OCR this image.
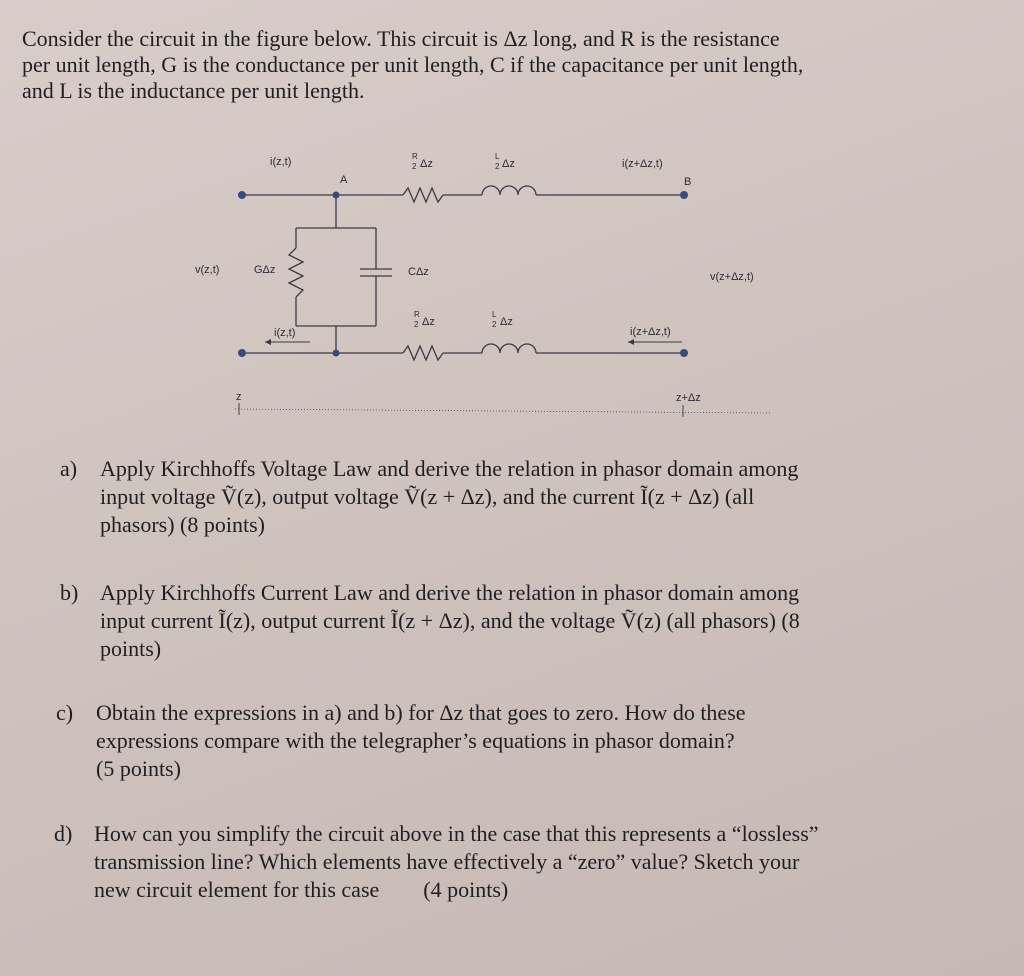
Consider the circuit in the figure below. This circuit is Δz long, and R is the resistance

per unit length, G is the conductance per unit length, C if the capacitance per unit length,

and L is the inductance per unit length.

i(z,t)
A
R
2 Δz
L
2 Δz	i(z+Δz,t)
B
v(z,t)	GΔz	CΔz	v(z+Δz,t)
i(z,t)
R
2 Δz
L
2 Δz
i(z+Δz,t)
z	z+Δz
a) Apply Kirchhoffs Voltage Law and derive the relation in phasor domain among
input voltage Ṽ(z), output voltage Ṽ(z + Δz), and the current Ĩ(z + Δz) (all
phasors) (8 points)
b) Apply Kirchhoffs Current Law and derive the relation in phasor domain among
input current Ĩ(z), output current Ĩ(z + Δz), and the voltage Ṽ(z) (all phasors) (8
points)
c) Obtain the expressions in a) and b) for Δz that goes to zero. How do these
expressions compare with the telegrapher’s equations in phasor domain?
(5 points)
d) How can you simplify the circuit above in the case that this represents a “lossless”
transmission line? Which elements have effectively a “zero” value? Sketch your
new circuit element for this case        (4 points)
